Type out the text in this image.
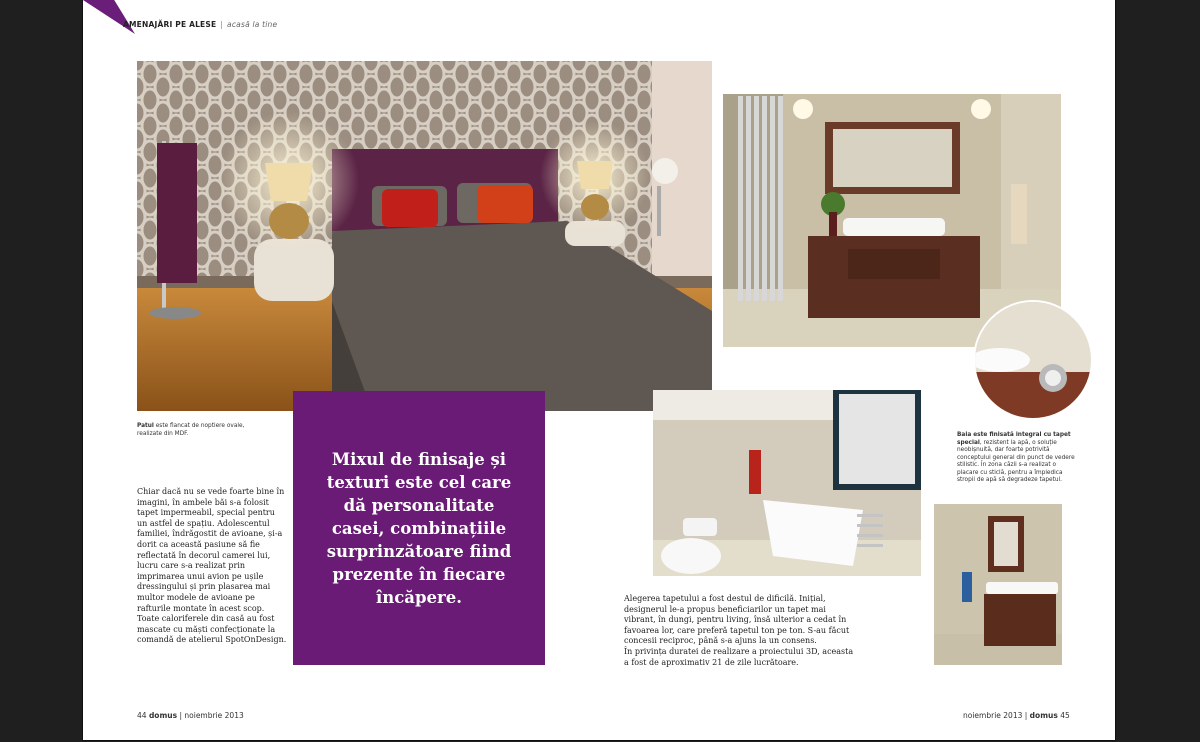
AMENAJĂRI PE ALESE | acasă la tine
Patul este flancat de noptiere ovale,
realizate din MDF.

Chiar dacă nu se vede foarte bine în imagini, în ambele băi s-a folosit tapet impermeabil, special pentru un astfel de spațiu. Adolescentul familiei, îndrăgostit de avioane, și-a dorit ca această pasiune să fie reflectată în decorul camerei lui, lucru care s-a realizat prin imprimarea unui avion pe ușile dressingului și prin plasarea mai multor modele de avioane pe rafturile montate în acest scop.

Toate caloriferele din casă au fost mascate cu măști confecționate la comandă de atelierul SpotOnDesign.

Mixul de finisaje și texturi este cel care dă personalitate casei, combinațiile surprinzătoare fiind prezente în fiecare încăpere.

Baia este finisată integral cu tapet special, rezistent la apă, o soluție neobișnuită, dar foarte potrivită conceptului general din punct de vedere stilistic. În zona căzii s-a realizat o placare cu sticlă, pentru a împiedica stropii de apă să degradeze tapetul.

Alegerea tapetului a fost destul de dificilă. Inițial, designerul le-a propus beneficiarilor un tapet mai vibrant, în dungi, pentru living, însă ulterior a cedat în favoarea lor, care preferă tapetul ton pe ton. S-au făcut concesii reciproc, până s-a ajuns la un consens.

În privința duratei de realizare a proiectului 3D, aceasta a fost de aproximativ 21 de zile lucrătoare.

44 domus | noiembrie 2013	noiembrie 2013 | domus 45
